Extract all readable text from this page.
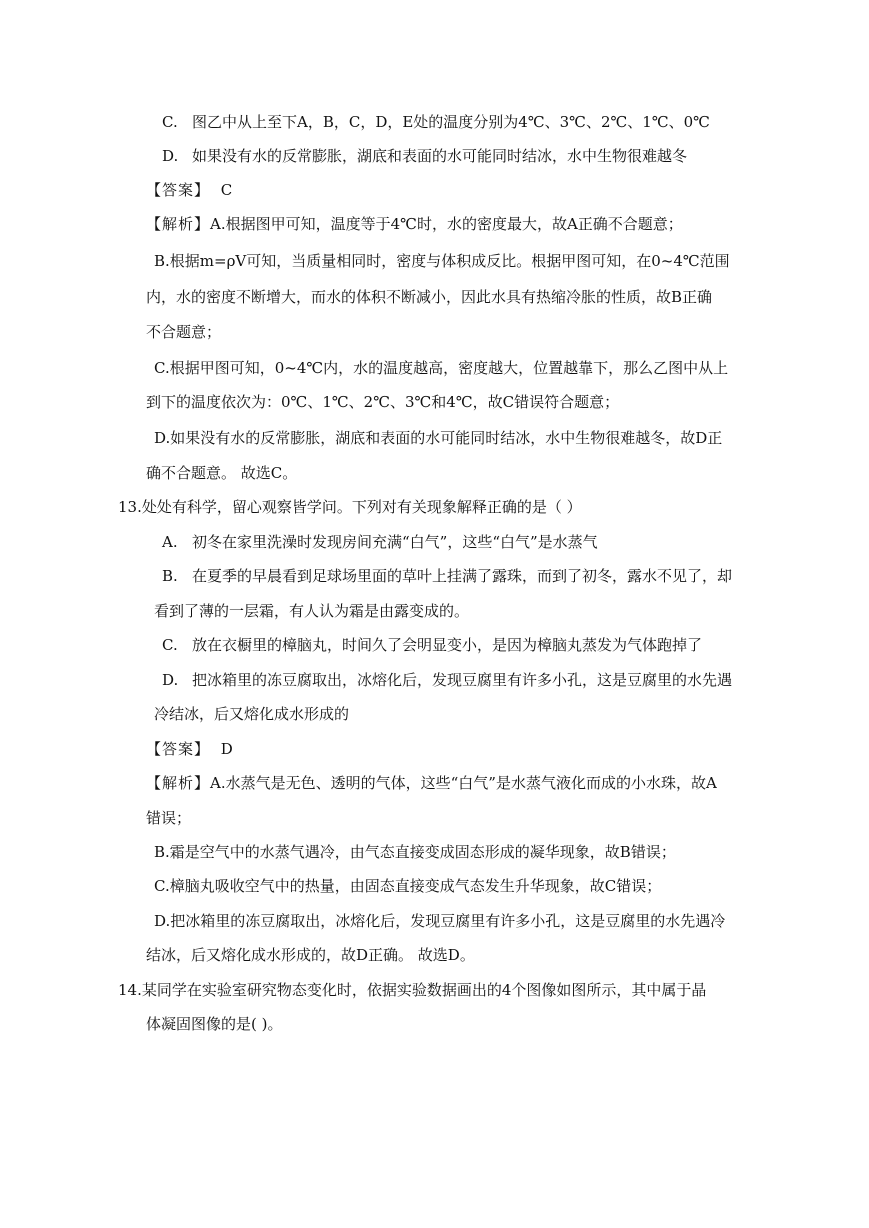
C. 图乙中从上至下A，B，C，D，E处的温度分别为4℃、3℃、2℃、1℃、0℃
D. 如果没有水的反常膨胀，湖底和表面的水可能同时结冰，水中生物很难越冬
【答案】 C
【解析】A.根据图甲可知，温度等于4℃时，水的密度最大，故A正确不合题意；
B.根据m=ρV可知，当质量相同时，密度与体积成反比。根据甲图可知，在0~4℃范围
内，水的密度不断增大，而水的体积不断减小，因此水具有热缩冷胀的性质，故B正确
不合题意；
C.根据甲图可知，0~4℃内，水的温度越高，密度越大，位置越靠下，那么乙图中从上
到下的温度依次为：0℃、1℃、2℃、3℃和4℃，故C错误符合题意；
D.如果没有水的反常膨胀，湖底和表面的水可能同时结冰，水中生物很难越冬，故D正
确不合题意。 故选C。
13.处处有科学，留心观察皆学问。下列对有关现象解释正确的是（ ）
A. 初冬在家里洗澡时发现房间充满“白气”，这些“白气”是水蒸气
B. 在夏季的早晨看到足球场里面的草叶上挂满了露珠，而到了初冬，露水不见了，却
看到了薄的一层霜，有人认为霜是由露变成的。
C. 放在衣橱里的樟脑丸，时间久了会明显变小，是因为樟脑丸蒸发为气体跑掉了
D. 把冰箱里的冻豆腐取出，冰熔化后，发现豆腐里有许多小孔，这是豆腐里的水先遇
冷结冰，后又熔化成水形成的
【答案】 D
【解析】A.水蒸气是无色、透明的气体，这些“白气”是水蒸气液化而成的小水珠，故A
错误；
B.霜是空气中的水蒸气遇冷，由气态直接变成固态形成的凝华现象，故B错误；
C.樟脑丸吸收空气中的热量，由固态直接变成气态发生升华现象，故C错误；
D.把冰箱里的冻豆腐取出，冰熔化后，发现豆腐里有许多小孔，这是豆腐里的水先遇冷
结冰，后又熔化成水形成的，故D正确。 故选D。
14.某同学在实验室研究物态变化时，依据实验数据画出的4个图像如图所示，其中属于晶
体凝固图像的是( )。
